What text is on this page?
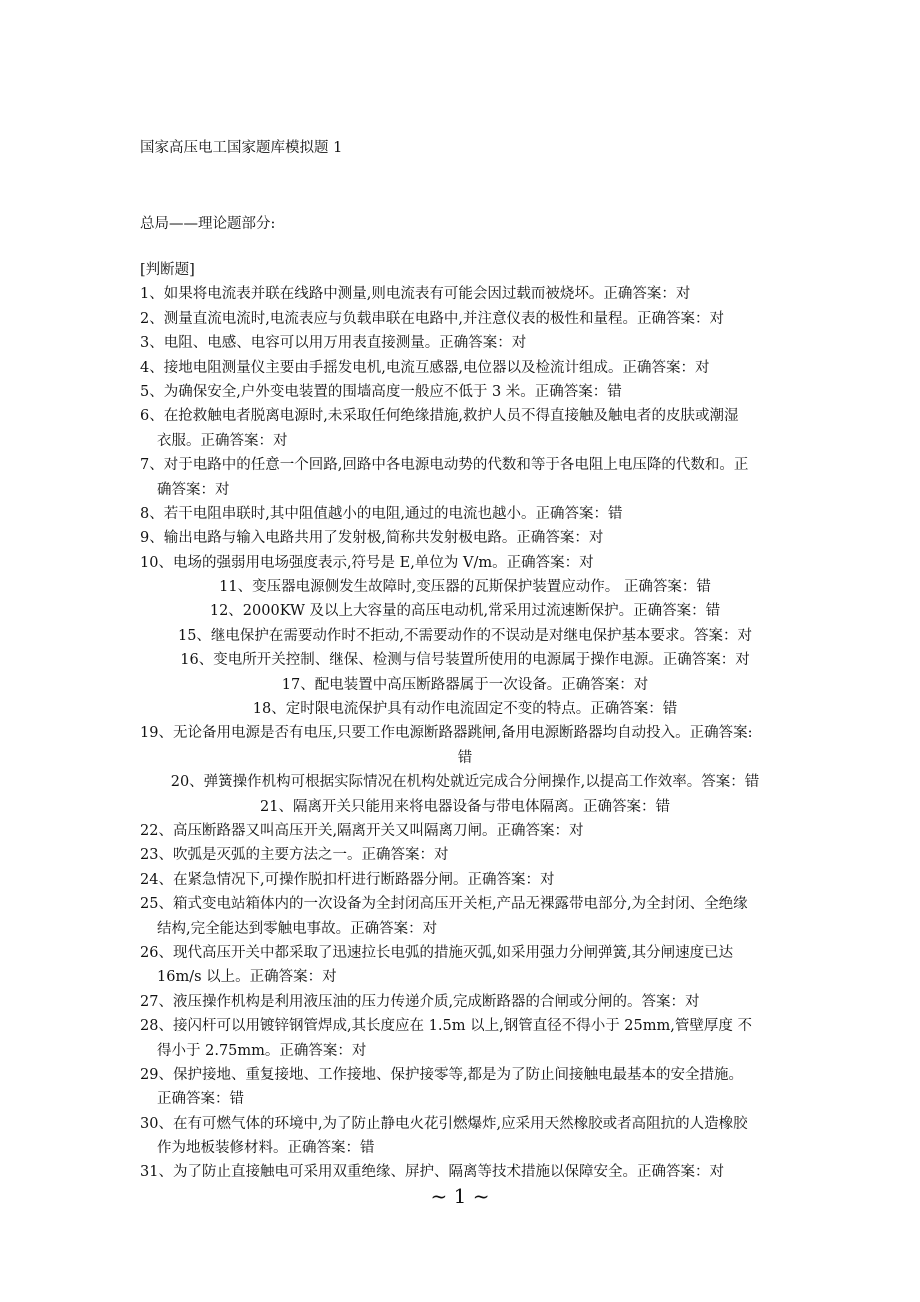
国家高压电工国家题库模拟题 1
总局——理论题部分:
[判断题]
1、如果将电流表并联在线路中测量,则电流表有可能会因过载而被烧坏。正确答案：对
2、测量直流电流时,电流表应与负载串联在电路中,并注意仪表的极性和量程。正确答案：对
3、电阻、电感、电容可以用万用表直接测量。正确答案：对
4、接地电阻测量仪主要由手摇发电机,电流互感器,电位器以及检流计组成。正确答案：对
5、为确保安全,户外变电装置的围墙高度一般应不低于 3 米。正确答案：错
6、在抢救触电者脱离电源时,未采取任何绝缘措施,救护人员不得直接触及触电者的皮肤或潮湿
衣服。正确答案：对
7、对于电路中的任意一个回路,回路中各电源电动势的代数和等于各电阻上电压降的代数和。正
确答案：对
8、若干电阻串联时,其中阻值越小的电阻,通过的电流也越小。正确答案：错
9、输出电路与输入电路共用了发射极,简称共发射极电路。正确答案：对
10、电场的强弱用电场强度表示,符号是 E,单位为 V/m。正确答案：对
11、变压器电源侧发生故障时,变压器的瓦斯保护装置应动作。 正确答案：错
12、2000KW 及以上大容量的高压电动机,常采用过流速断保护。正确答案：错
15、继电保护在需要动作时不拒动,不需要动作的不误动是对继电保护基本要求。答案：对
16、变电所开关控制、继保、检测与信号装置所使用的电源属于操作电源。正确答案：对
17、配电装置中高压断路器属于一次设备。正确答案：对
18、定时限电流保护具有动作电流固定不变的特点。正确答案：错
19、无论备用电源是否有电压,只要工作电源断路器跳闸,备用电源断路器均自动投入。正确答案:
错
20、弹簧操作机构可根据实际情况在机构处就近完成合分闸操作,以提高工作效率。答案：错
21、隔离开关只能用来将电器设备与带电体隔离。正确答案：错
22、高压断路器又叫高压开关,隔离开关又叫隔离刀闸。正确答案：对
23、吹弧是灭弧的主要方法之一。正确答案：对
24、在紧急情况下,可操作脱扣杆进行断路器分闸。正确答案：对
25、箱式变电站箱体内的一次设备为全封闭高压开关柜,产品无裸露带电部分,为全封闭、全绝缘
结构,完全能达到零触电事故。正确答案：对
26、现代高压开关中都采取了迅速拉长电弧的措施灭弧,如采用强力分闸弹簧,其分闸速度已达
16m/s 以上。正确答案：对
27、液压操作机构是利用液压油的压力传递介质,完成断路器的合闸或分闸的。答案：对
28、接闪杆可以用镀锌钢管焊成,其长度应在 1.5m 以上,钢管直径不得小于 25mm,管壁厚度 不
得小于 2.75mm。正确答案：对
29、保护接地、重复接地、工作接地、保护接零等,都是为了防止间接触电最基本的安全措施。
正确答案：错
30、在有可燃气体的环境中,为了防止静电火花引燃爆炸,应采用天然橡胶或者高阻抗的人造橡胶
作为地板装修材料。正确答案：错
31、为了防止直接触电可采用双重绝缘、屏护、隔离等技术措施以保障安全。正确答案：对
~ 1 ~
